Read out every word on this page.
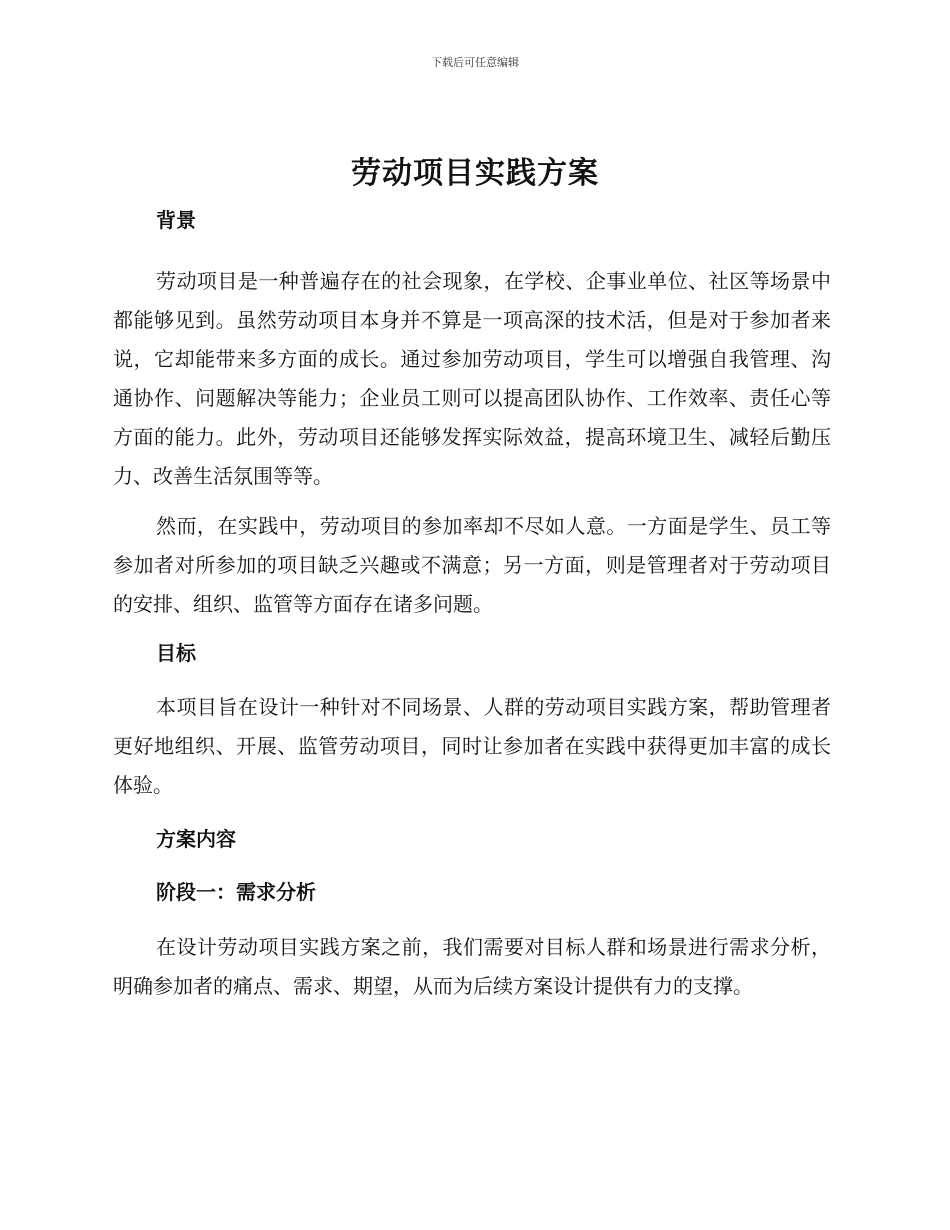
下载后可任意编辑
劳动项目实践方案
背景

劳动项目是一种普遍存在的社会现象，在学校、企事业单位、社区等场景中都能够见到。虽然劳动项目本身并不算是一项高深的技术活，但是对于参加者来说，它却能带来多方面的成长。通过参加劳动项目，学生可以增强自我管理、沟通协作、问题解决等能力；企业员工则可以提高团队协作、工作效率、责任心等方面的能力。此外，劳动项目还能够发挥实际效益，提高环境卫生、减轻后勤压力、改善生活氛围等等。

然而，在实践中，劳动项目的参加率却不尽如人意。一方面是学生、员工等参加者对所参加的项目缺乏兴趣或不满意；另一方面，则是管理者对于劳动项目的安排、组织、监管等方面存在诸多问题。

目标

本项目旨在设计一种针对不同场景、人群的劳动项目实践方案，帮助管理者更好地组织、开展、监管劳动项目，同时让参加者在实践中获得更加丰富的成长体验。

方案内容
阶段一：需求分析

在设计劳动项目实践方案之前，我们需要对目标人群和场景进行需求分析，明确参加者的痛点、需求、期望，从而为后续方案设计提供有力的支撑。
